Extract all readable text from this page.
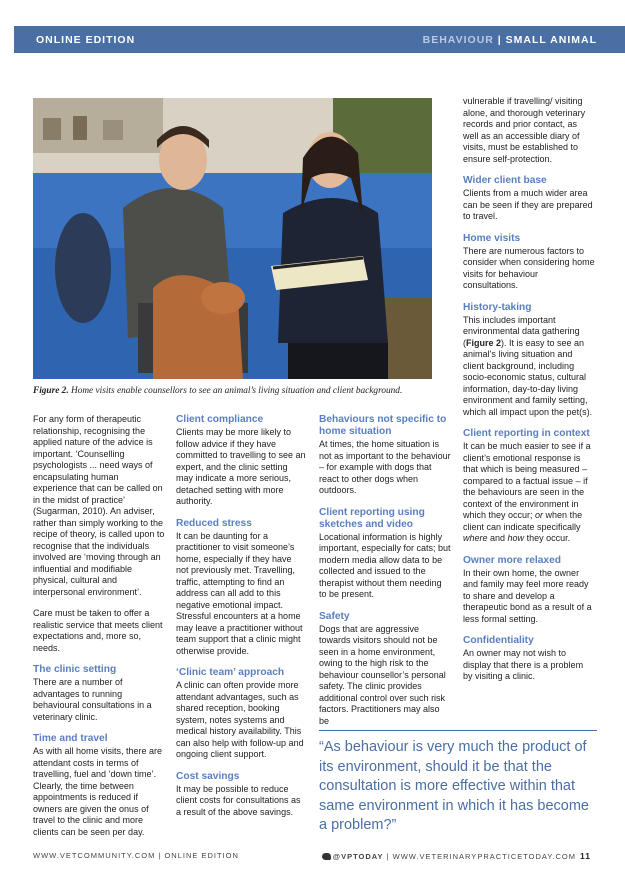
ONLINE EDITION	BEHAVIOUR | SMALL ANIMAL
Figure 2. Home visits enable counsellors to see an animal’s living situation and client background.

For any form of therapeutic relationship, recognising the applied nature of the advice is important. ‘Counselling psychologists ... need ways of encapsulating human experience that can be called on in the midst of practice’ (Sugarman, 2010). An adviser, rather than simply working to the recipe of theory, is called upon to recognise that the individuals involved are ‘moving through an influential and modifiable physical, cultural and interpersonal environment’.

Care must be taken to offer a realistic service that meets client expectations and, more so, needs.

The clinic setting

There are a number of advantages to running behavioural consultations in a veterinary clinic.

Time and travel

As with all home visits, there are attendant costs in terms of travelling, fuel and ‘down time’. Clearly, the time between appointments is reduced if owners are given the onus of travel to the clinic and more clients can be seen per day.

Client compliance

Clients may be more likely to follow advice if they have committed to travelling to see an expert, and the clinic setting may indicate a more serious, detached setting with more authority.

Reduced stress

It can be daunting for a practitioner to visit someone’s home, especially if they have not previously met. Travelling, traffic, attempting to find an address can all add to this negative emotional impact. Stressful encounters at a home may leave a practitioner without team support that a clinic might otherwise provide.

‘Clinic team’ approach

A clinic can often provide more attendant advantages, such as shared reception, booking system, notes systems and medical history availability. This can also help with follow-up and ongoing client support.

Cost savings

It may be possible to reduce client costs for consultations as a result of the above savings.

Behaviours not specific to home situation

At times, the home situation is not as important to the behaviour – for example with dogs that react to other dogs when outdoors.

Client reporting using sketches and video

Locational information is highly important, especially for cats; but modern media allow data to be collected and issued to the therapist without them needing to be present.

Safety

Dogs that are aggressive towards visitors should not be seen in a home environment, owing to the high risk to the behaviour counsellor’s personal safety. The clinic provides additional control over such risk factors. Practitioners may also be

vulnerable if travelling/ visiting alone, and thorough veterinary records and prior contact, as well as an accessible diary of visits, must be established to ensure self-protection.

Wider client base

Clients from a much wider area can be seen if they are prepared to travel.

Home visits

There are numerous factors to consider when considering home visits for behaviour consultations.

History-taking

This includes important environmental data gathering (Figure 2). It is easy to see an animal’s living situation and client background, including socio-economic status, cultural information, day-to-day living environment and family setting, which all impact upon the pet(s).

Client reporting in context

It can be much easier to see if a client’s emotional response is that which is being measured – compared to a factual issue – if the behaviours are seen in the context of the environment in which they occur; or when the client can indicate specifically where and how they occur.

Owner more relaxed

In their own home, the owner and family may feel more ready to share and develop a therapeutic bond as a result of a less formal setting.

Confidentiality

An owner may not wish to display that there is a problem by visiting a clinic.

“As behaviour is very much the product of its environment, should it be that the consultation is more effective within that same environment in which it has become a problem?”
WWW.VETCOMMUNITY.COM | ONLINE EDITION	@VPTODAY | WWW.VETERINARYPRACTICETODAY.COM 11
